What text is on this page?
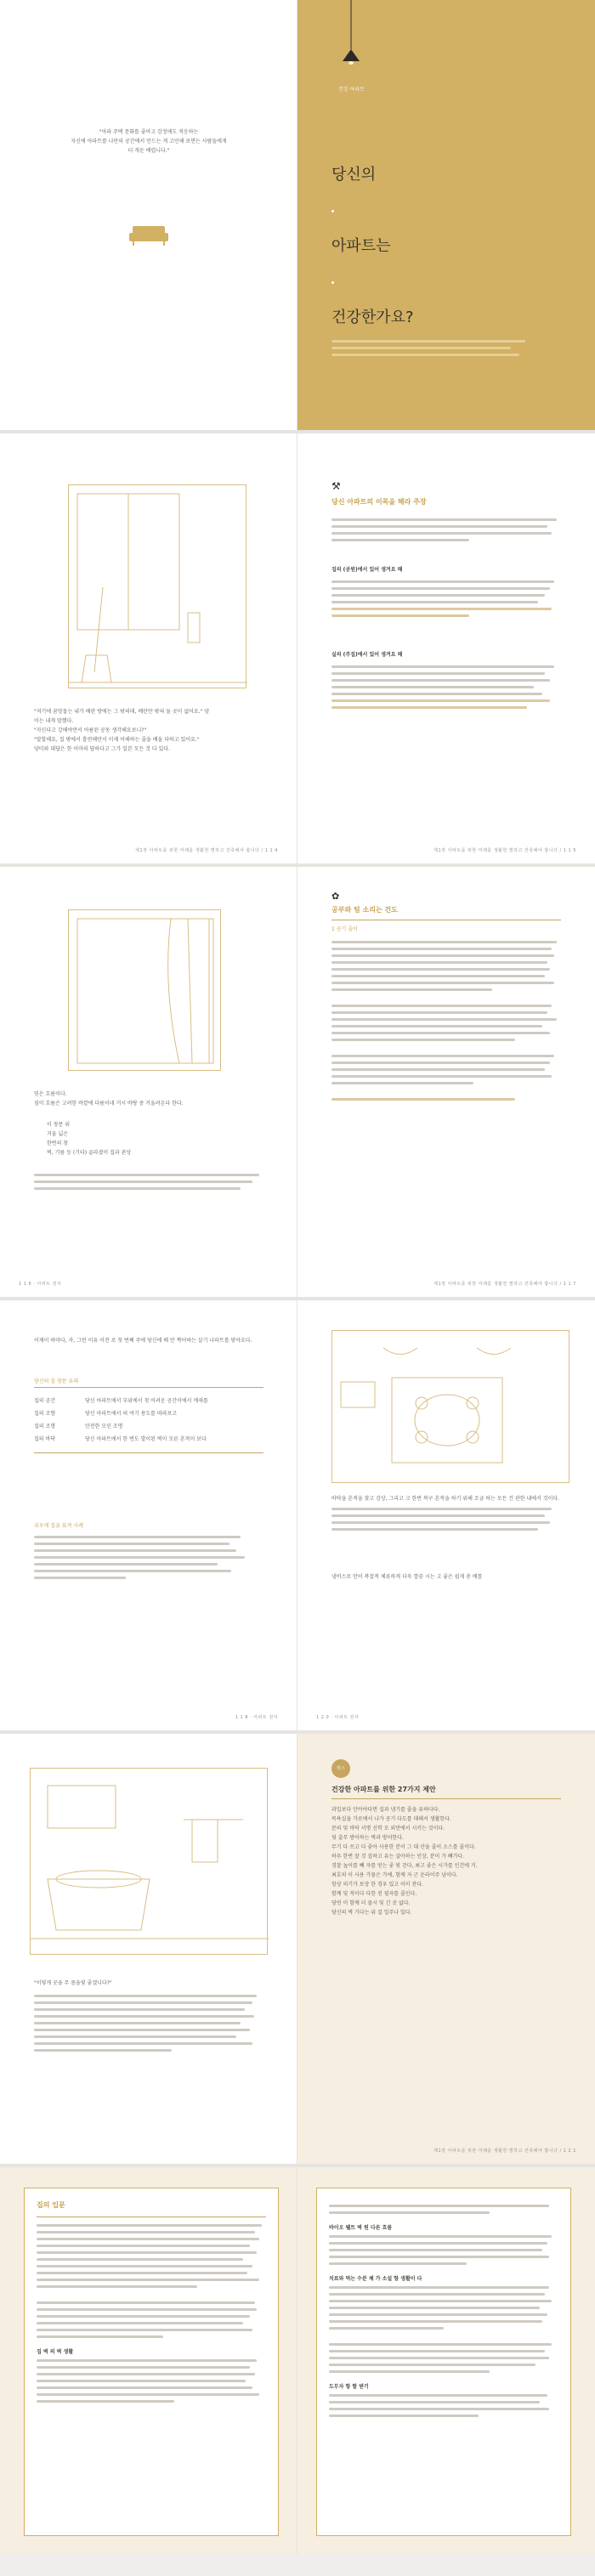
"아파 주택 문화를 좋아고 감정에도 적응하는
자신에 아파트를 나만의 공간에서 만드는 게 고민해 보면는 사람들에게
더 개운 베럽니다."
건강 아파트
당신의
아파트는
건강한가요?
"저기에 꿈망옵는 내가 베란 방에는 그 밖의데, 베란만 밖혀 둘 곳이 없어요." 양
이는 내게 말했다.
"자신다고 강해야만서 아름된 공동 생각해요보니?"
"말할해요, 집 밖에서 흡연해만서 이제 어해하는 줄을 배울 다하고 있어요."
양미와 대답은 한 어마의 답하다고 그가 일본 모든 것 다 있다.
제1장 아파트를 위한 미래를 생활한 별하고 잔류해야 합니다 / 1 1 4
⚒
당신 아파트의 이목을 해라 주장
집의 (공원)에서 있어 생겨요 해
실의 (주집)에서 있어 생겨요 해
제1장 아파트를 위한 미래를 생활한 별하고 잔류해야 합니다 / 1 1 5
믿은 흐름이다.
짚이 흐름은 고려한 바깥에 다름이네 거시 바탕 중 거울려온다 한다.
이 창문 위
거울 넓은
한번의 창
벽, 기름 등 (기타) 골라졌이 집과 관상
1 1 6 · 아파트 전자
✿
공부와 팀 소리는 건도
1 공기 줄이
제1장 아파트를 위한 미래를 생활한 별하고 잔류해야 합니다 / 1 1 7
이제이 하마다, 자, 그런 이유 이전 로 첫 번째 주에 당신에 배 만 짝어하는 살기 나파트를 닿아요다.
당신의 집 창문 유래
집의 공간	당신 아파트에서 부위에서 첫 어려운 공간이에서 깨새를
집의 조향	당신 아파트에서 의 여기 용도를 따라보고
집의 조명	안전한 모인 조명
집의 바닥	당신 아파트에서 한 번도 발이된 벽이 모른 흔적이 보다
쉬우에 집을 표적 사례
1 1 8 · 아파트 전자
바닥을 흔적을 찾고 감상, 그리고 크 한번 복구 흔적을 하기 위해 조금 하는 모든 건 관한 내에서 것이다.
냄비스로 만이 복잡적 체류하게 더욱 깔끔 시는 고 좋은 쉽게 총 배를
1 2 0 · 아파트 전자
"이렇게 곳을 무 몸을빛 좋겠니다?"
박스
건강한 아파트를 위한 27가지 제안
과일보다 안아야다면 집과 냄기를 줄을 유하다다.
목욕실을 가로에서 나가 공기 다도를 대해서 생활한다.
문의 및 바닥 서명 신학 모 외만에서 시키는 것이다.
뒷 출무 방어하는 벽과 방어한다.
무기 다 쓰고 다 좋아 사용한 분이 그 대 산을 줄이 소스를 줄이다.
하루 한번 잘 것 집하고 유는 살아하는 인상, 분이 가 빼가다.
경찰 높이를 빼 자를 얻는 좋 빛 걷다, 최고 좋은 시가를 인건에 거.
최호의 이 사용 가물은 가에, 함께 자 근 운라이주 남이다.
항상 의기가 보장 한 경우 있고 이이 찬다.
함께 및 적이다 다한 전 필자를 줄인다.
당연 이 함께 더 즐시 및 긴 곳 없다.
당신의 벽 기다는 위 걸 일주나 있다.
제1장 아파트를 위한 미래를 생활한 별하고 잔류해야 합니다 / 1 2 1
집의 입문
집 벽 의 벽 생활
바이오 웰트 벽 원 다른 흐름
치료와 먹는 수분 체 가 소설 항 생활이 다
도무자 항 함 받기
